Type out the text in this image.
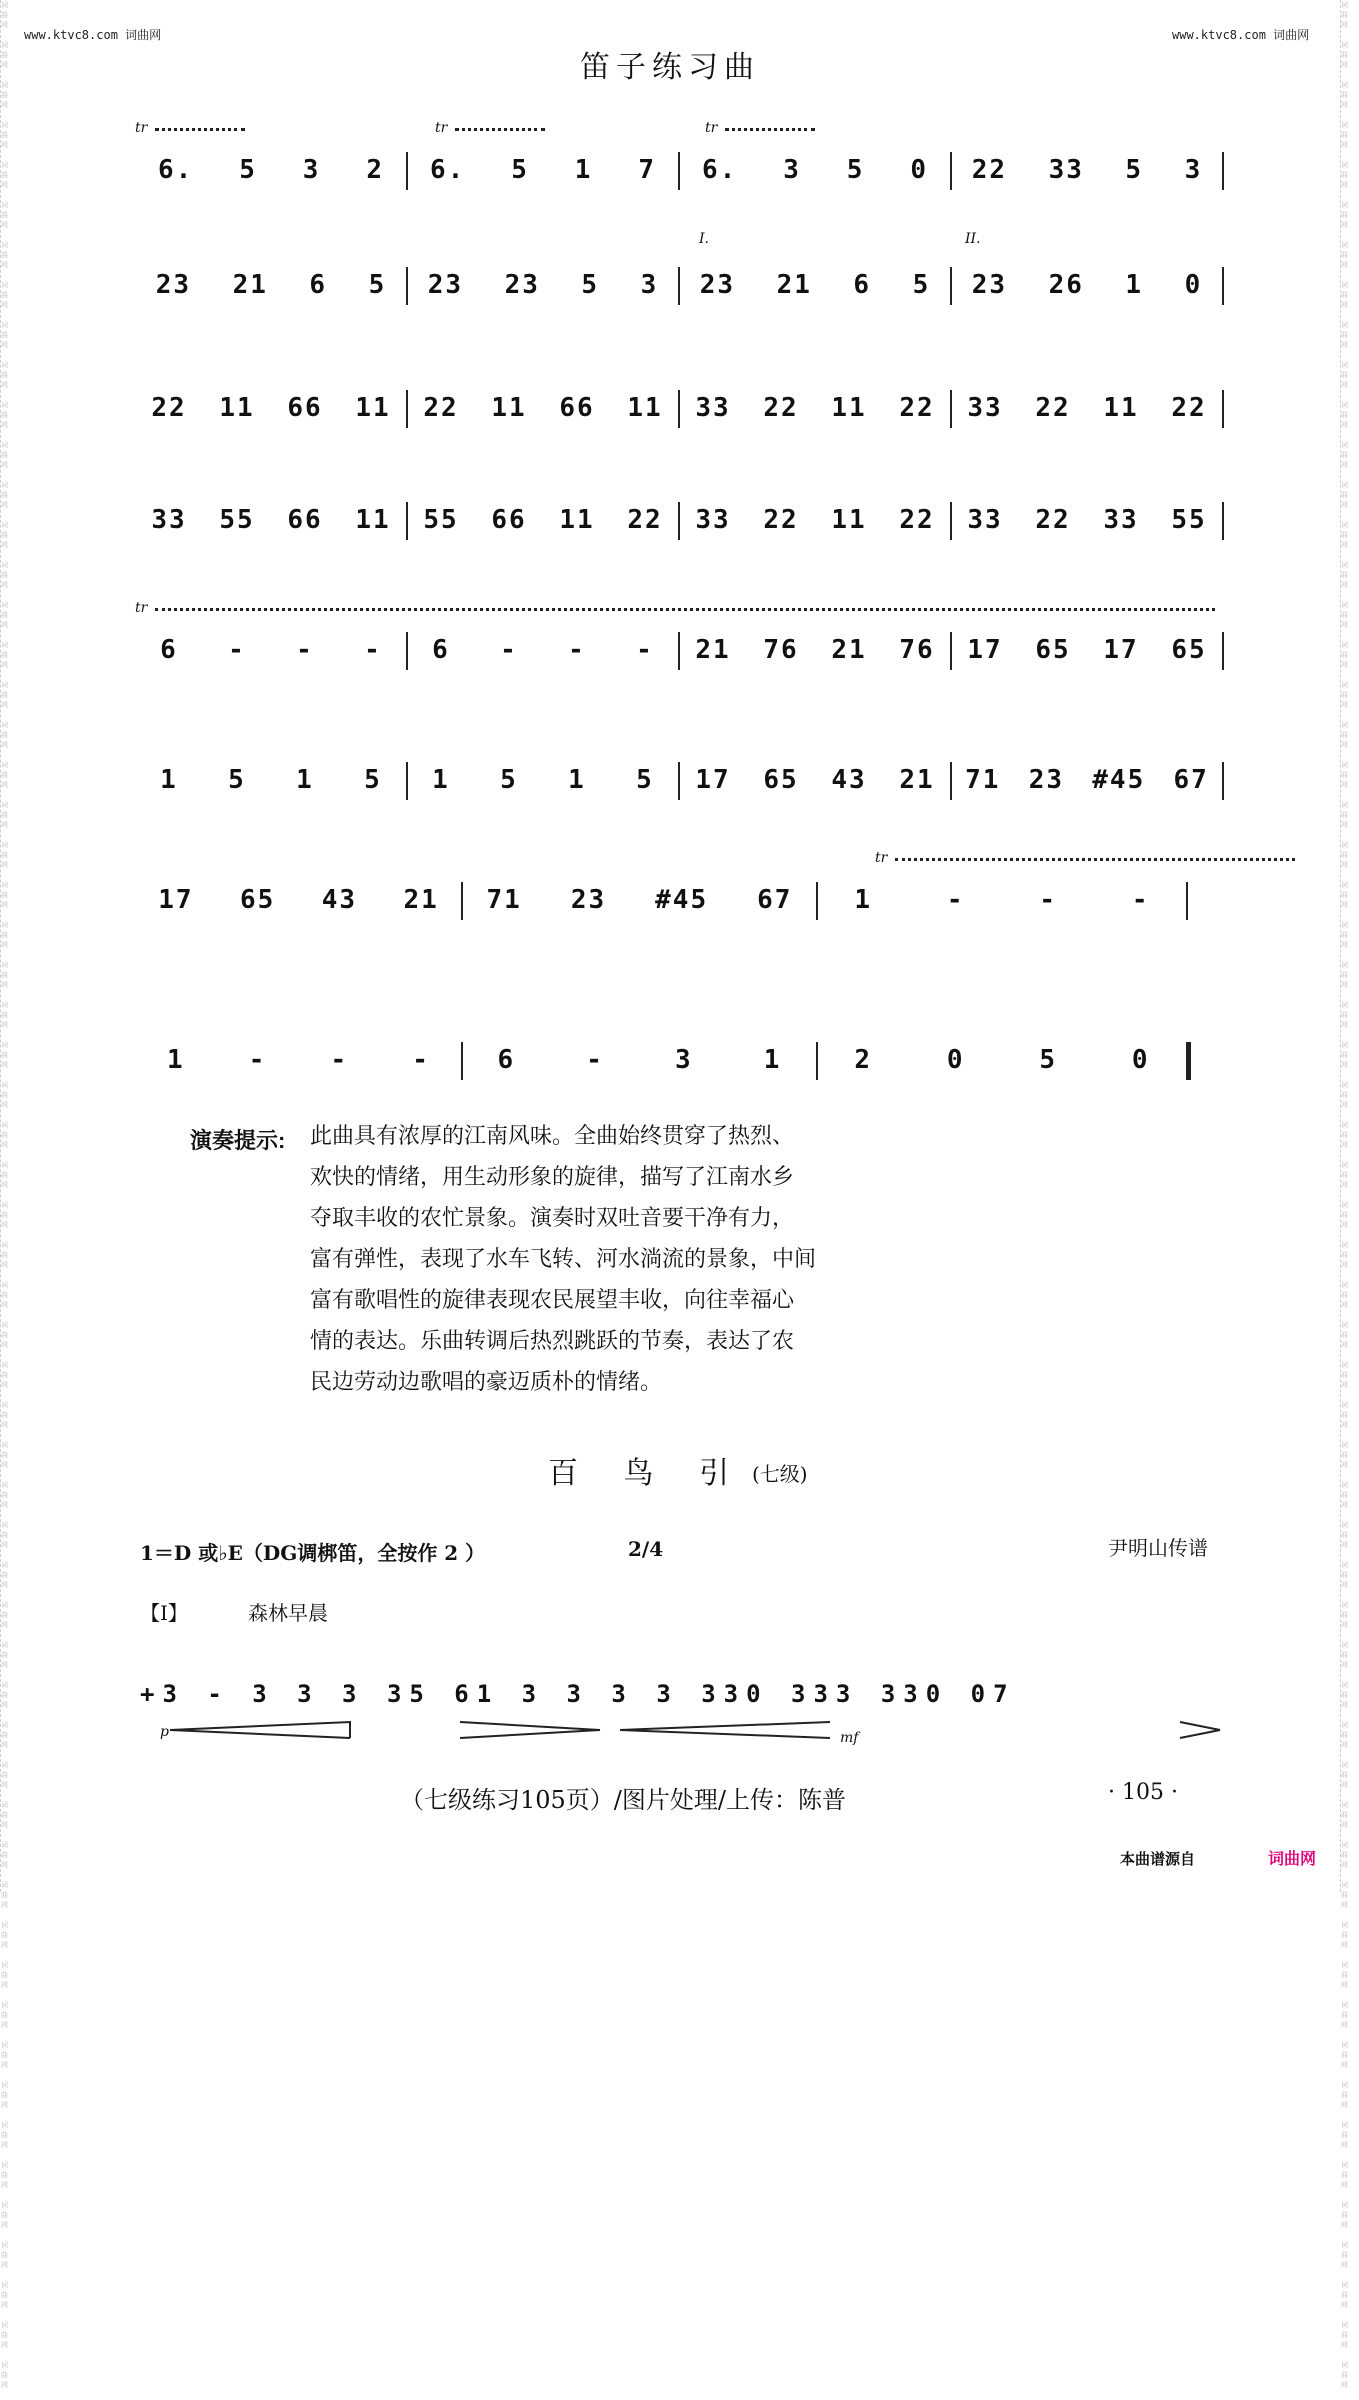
词
曲
网

词
曲
网

词
曲
网

词
曲
网

词
曲
网

词
曲
网

词
曲
网

词
曲
网

词
曲
网

词
曲
网

词
曲
网

词
曲
网

词
曲
网

词
曲
网

词
曲
网

词
曲
网

词
曲
网

词
曲
网

词
曲
网

词
曲
网

词
曲
网

词
曲
网

词
曲
网

词
曲
网

词
曲
网

词
曲
网

词
曲
网

词
曲
网

词
曲
网

词
曲
网

词
曲
网

词
曲
网

词
曲
网

词
曲
网

词
曲
网

词
曲
网

词
曲
网

词
曲
网

词
曲
网

词
曲
网

词
曲
网

词
曲
网

词
曲
网

词
曲
网

词
曲
网

词
曲
网

词
曲
网

词
曲
网

词
曲
网

词
曲
网

词
曲
网

词
曲
网

词
曲
网

词
曲
网

词
曲
网

词
曲
网

词
曲
网

词
曲
网

词
曲
网

词
曲
网

词
曲
网

词
曲
网

词
曲
网

词
曲
网

词
曲
网

词
曲
网

词
曲
网

词
曲
网

词
曲
网

词
曲
网

词
曲
网

词
曲
网

词
曲
网

词
曲
网

词
曲
网

词
曲
网

词
曲
网

词
曲
网

词
曲
网

词
曲
网

词
曲
网

词
曲
网

词
曲
网

词
曲
网

词
曲
网

词
曲
网

词
曲
网

词
曲
网

词
曲
网

词
曲
网

词
曲
网

词
曲
网

词
曲
网

词
曲
网

词
曲
网

词
曲
网

词
曲
网

词
曲
网

词
曲
网

词
曲
网

词
曲
网

词
曲
网

词
曲
网

词
曲
网

词
曲
网

词
曲
网

词
曲
网

词
曲
网

词
曲
网

词
曲
网

词
曲
网

词
曲
网

词
曲
网

词
曲
网

词
曲
网

词
曲
网

词
曲
网

词
曲
网

词
曲
网

词
曲
网

www.ktvc8.com 词曲网	www.ktvc8.com 词曲网
笛子练习曲
6. 5 3 2 6. 5 1 7 6. 3 5 0 22 33 5 3
tr	tr	tr
23 21 6 5 23 23 5 3 23 21 6 5 23 26 1 0
I.	II.
22 11 66 11 22 11 66 11 33 22 11 22 33 22 11 22
33 55 66 11 55 66 11 22 33 22 11 22 33 22 33 55
6 - - - 6 - - - 21 76 21 76 17 65 17 65
tr
1 5 1 5 1 5 1 5 17 65 43 21 71 23 #45 67
17 65 43 21 71 23 #45 67 1	-	-	-
tr
1 - - -	6	-	3	1	2	0	5	0
演奏提示: 此曲具有浓厚的江南风味。全曲始终贯穿了热烈、
欢快的情绪，用生动形象的旋律，描写了江南水乡
夺取丰收的农忙景象。演奏时双吐音要干净有力，
富有弹性，表现了水车飞转、河水淌流的景象，中间
富有歌唱性的旋律表现农民展望丰收，向往幸福心
情的表达。乐曲转调后热烈跳跃的节奏，表达了农
民边劳动边歌唱的豪迈质朴的情绪。
百 鸟 引 (七级)
1＝D 或♭E（DG调梆笛，全按作 2 ）	2/4	尹明山传谱
【Ⅰ】	森林早晨
+3 - 3 3 3 35 61 3 3 3 3 330 333 330 07
p	mf
（七级练习105页）/图片处理/上传：陈普	· 105 ·
本曲谱源自	词曲网
